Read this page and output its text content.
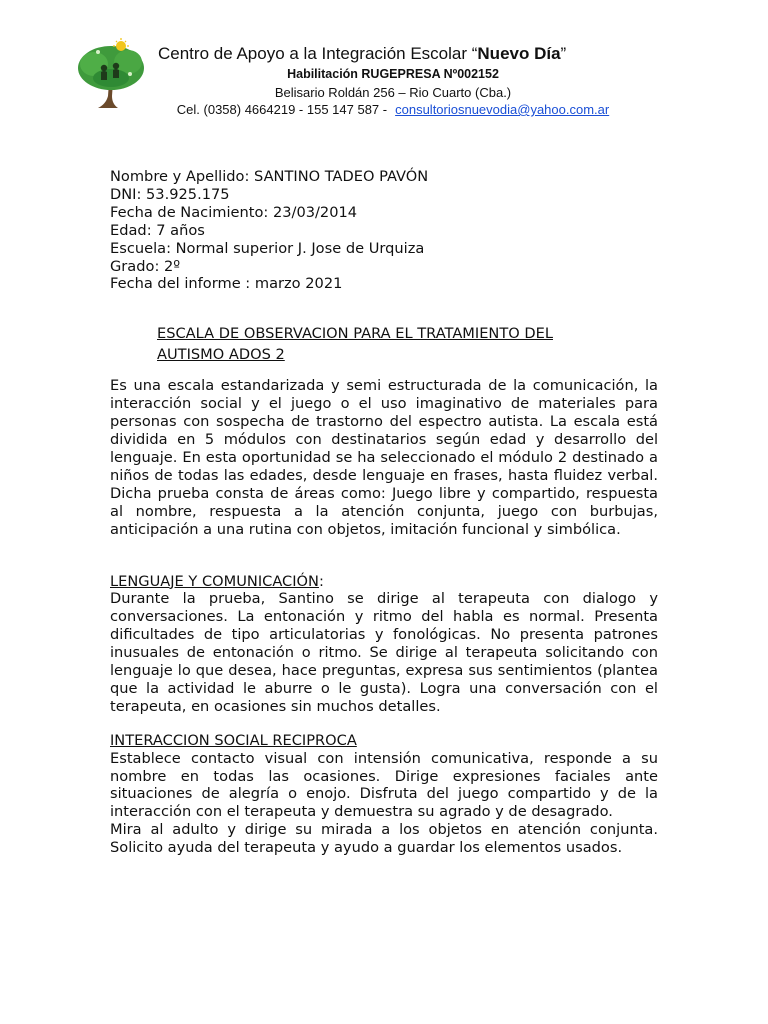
Centro de Apoyo a la Integración Escolar “Nuevo Día”
Habilitación RUGEPRESA Nº002152
Belisario Roldán 256 – Rio Cuarto (Cba.)
Cel. (0358) 4664219 - 155 147 587 - consultoriosnuevodia@yahoo.com.ar
Nombre y Apellido: SANTINO TADEO PAVÓN
DNI: 53.925.175
Fecha de Nacimiento: 23/03/2014
Edad: 7 años
Escuela: Normal superior J. Jose de Urquiza
Grado: 2º
Fecha del informe : marzo 2021
ESCALA DE OBSERVACION PARA EL TRATAMIENTO DEL AUTISMO ADOS 2
Es una escala estandarizada y semi estructurada de la comunicación, la interacción social y el juego o el uso imaginativo de materiales para personas con sospecha de trastorno del espectro autista. La escala está dividida en 5 módulos con destinatarios según edad y desarrollo del lenguaje. En esta oportunidad se ha seleccionado el módulo 2 destinado a niños de todas las edades, desde lenguaje en frases, hasta fluidez verbal. Dicha prueba consta de áreas como: Juego libre y compartido, respuesta al nombre, respuesta a la atención conjunta, juego con burbujas, anticipación a una rutina con objetos, imitación funcional y simbólica.
LENGUAJE Y COMUNICACIÓN:
Durante la prueba, Santino se dirige al terapeuta con dialogo y conversaciones. La entonación y ritmo del habla es normal. Presenta dificultades de tipo articulatorias y fonológicas. No presenta patrones inusuales de entonación o ritmo. Se dirige al terapeuta solicitando con lenguaje lo que desea, hace preguntas, expresa sus sentimientos (plantea que la actividad le aburre o le gusta). Logra una conversación con el terapeuta, en ocasiones sin muchos detalles.
INTERACCION SOCIAL RECIPROCA
Establece contacto visual con intensión comunicativa, responde a su nombre en todas las ocasiones. Dirige expresiones faciales ante situaciones de alegría o enojo. Disfruta del juego compartido y de la interacción con el terapeuta y demuestra su agrado y de desagrado.
Mira al adulto y dirige su mirada a los objetos en atención conjunta. Solicito ayuda del terapeuta y ayudo a guardar los elementos usados.
